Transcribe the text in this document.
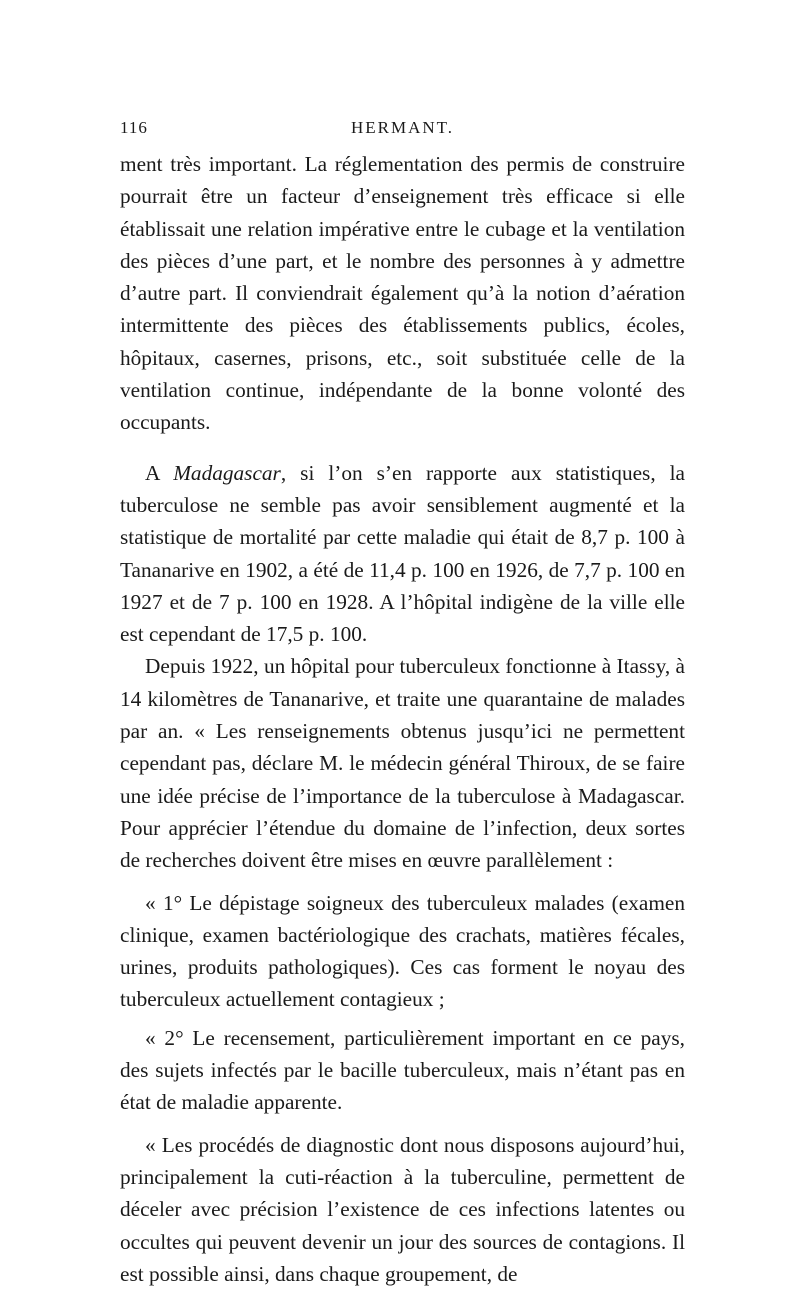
116	HERMANT.

ment très important. La réglementation des permis de construire pourrait être un facteur d’enseignement très efficace si elle établissait une relation impérative entre le cubage et la ventilation des pièces d’une part, et le nombre des personnes à y admettre d’autre part. Il conviendrait également qu’à la notion d’aération intermittente des pièces des établissements publics, écoles, hôpitaux, casernes, prisons, etc., soit substituée celle de la ventilation continue, indépendante de la bonne volonté des occupants.

A Madagascar, si l’on s’en rapporte aux statistiques, la tuberculose ne semble pas avoir sensiblement augmenté et la statistique de mortalité par cette maladie qui était de 8,7 p. 100 à Tananarive en 1902, a été de 11,4 p. 100 en 1926, de 7,7 p. 100 en 1927 et de 7 p. 100 en 1928. A l’hôpital indigène de la ville elle est cependant de 17,5 p. 100.

Depuis 1922, un hôpital pour tuberculeux fonctionne à Itassy, à 14 kilomètres de Tananarive, et traite une quarantaine de malades par an. « Les renseignements obtenus jusqu’ici ne permettent cependant pas, déclare M. le médecin général Thiroux, de se faire une idée précise de l’importance de la tuberculose à Madagascar. Pour apprécier l’étendue du domaine de l’infection, deux sortes de recherches doivent être mises en œuvre parallèlement :

« 1° Le dépistage soigneux des tuberculeux malades (examen clinique, examen bactériologique des crachats, matières fécales, urines, produits pathologiques). Ces cas forment le noyau des tuberculeux actuellement contagieux ;

« 2° Le recensement, particulièrement important en ce pays, des sujets infectés par le bacille tuberculeux, mais n’étant pas en état de maladie apparente.

« Les procédés de diagnostic dont nous disposons aujourd’hui, principalement la cuti-réaction à la tuberculine, permettent de déceler avec précision l’existence de ces infections latentes ou occultes qui peuvent devenir un jour des sources de contagions. Il est possible ainsi, dans chaque groupement, de
